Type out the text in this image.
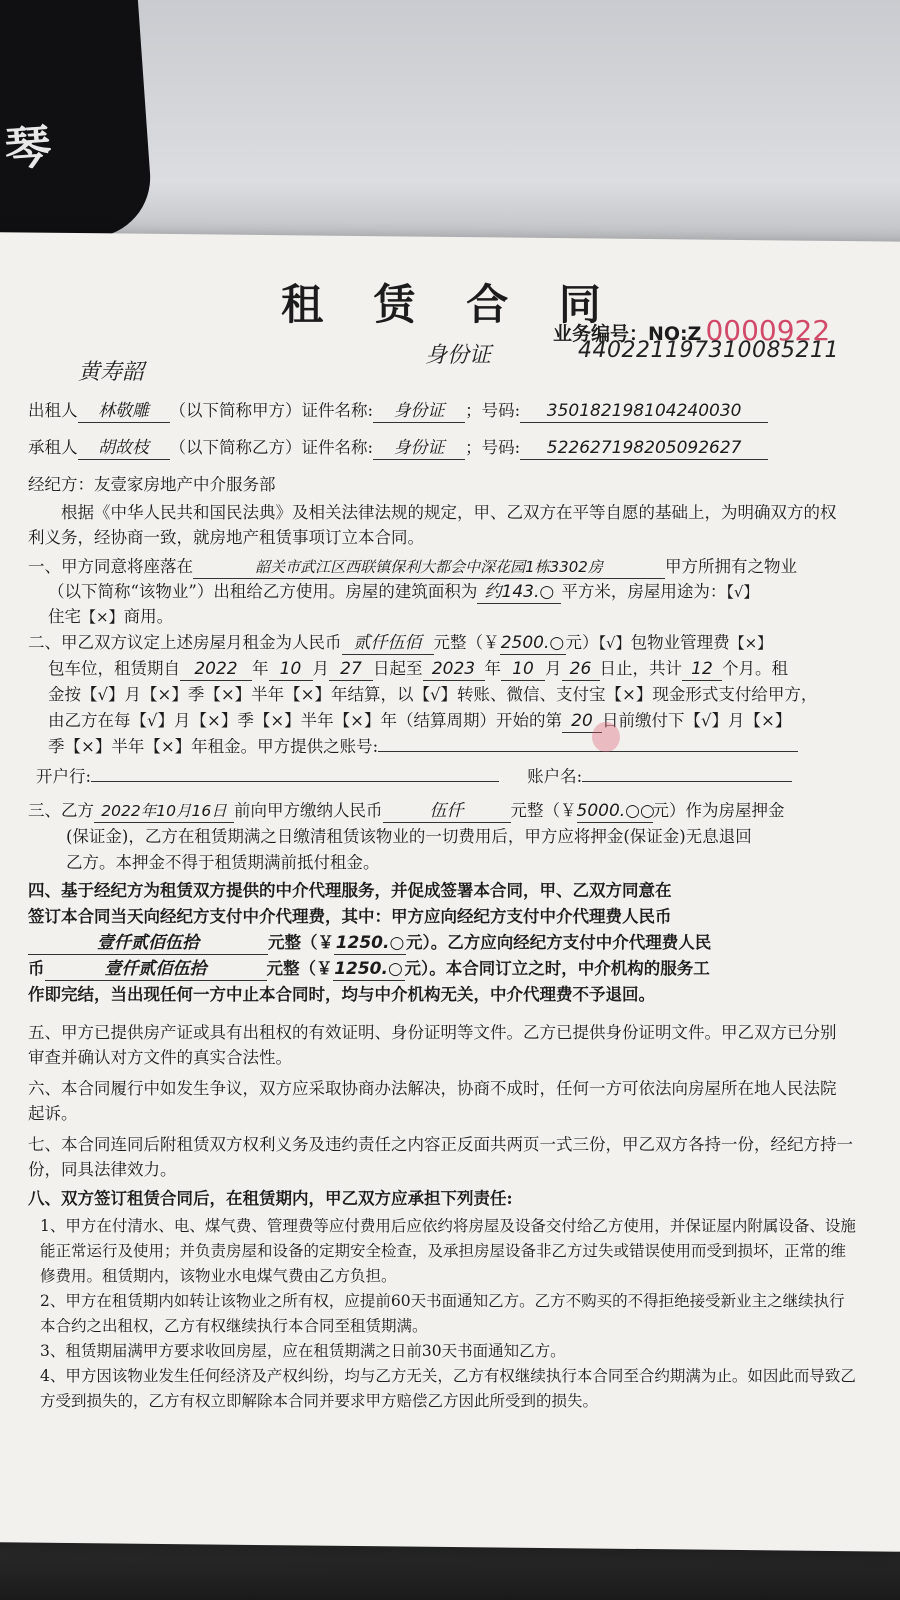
琴
租 赁 合 同
业务编号：NO:Z 0000922
黄寿韶
身份证	440221197310085211
出租人 林敬雕 （以下简称甲方）证件名称: 身份证 ；号码: 350182198104240030
承租人 胡故枝 （以下简称乙方）证件名称: 身份证 ；号码: 522627198205092627
经纪方：友壹家房地产中介服务部
根据《中华人民共和国民法典》及相关法律法规的规定，甲、乙双方在平等自愿的基础上，为明确双方的权利义务，经协商一致，就房地产租赁事项订立本合同。
一、甲方同意将座落在	韶关市武江区西联镇保利大都会中深花园1栋3302房	甲方所拥有之物业
（以下简称“该物业”）出租给乙方使用。房屋的建筑面积为 约143.○ 平方米，房屋用途为：【√】
住宅【×】商用。
二、甲乙双方议定上述房屋月租金为人民币 贰仟伍佰 元整（￥2500.○元）【√】包物业管理费【×】
包车位，租赁期自 2022 年 10 月 27 日起至 2023 年 10 月 26 日止，共计 12 个月。租
金按【√】月【×】季【×】半年【×】年结算，以【√】转账、微信、支付宝【×】现金形式支付给甲方，
由乙方在每【√】月【×】季【×】半年【×】年（结算周期）开始的第 20 日前缴付下【√】月【×】
季【×】半年【×】年租金。甲方提供之账号:
开户行:	账户名:
三、乙方 2022年10月16日 前向甲方缴纳人民币	伍仟	元整（￥5000.○○元）作为房屋押金
(保证金)，乙方在租赁期满之日缴清租赁该物业的一切费用后，甲方应将押金(保证金)无息退回
乙方。本押金不得于租赁期满前抵付租金。
四、基于经纪方为租赁双方提供的中介代理服务，并促成签署本合同，甲、乙双方同意在
签订本合同当天向经纪方支付中介代理费，其中：甲方应向经纪方支付中介代理费人民币
壹仟贰佰伍拾	元整（￥1250.○ 元）。乙方应向经纪方支付中介代理费人民
币	壹仟贰佰伍拾	元整（￥1250.○ 元）。本合同订立之时，中介机构的服务工
作即完结，当出现任何一方中止本合同时，均与中介机构无关，中介代理费不予退回。
五、甲方已提供房产证或具有出租权的有效证明、身份证明等文件。乙方已提供身份证明文件。甲乙双方已分别审查并确认对方文件的真实合法性。
六、本合同履行中如发生争议，双方应采取协商办法解决，协商不成时，任何一方可依法向房屋所在地人民法院起诉。
七、本合同连同后附租赁双方权利义务及违约责任之内容正反面共两页一式三份，甲乙双方各持一份，经纪方持一份，同具法律效力。
八、双方签订租赁合同后，在租赁期内，甲乙双方应承担下列责任:
1、甲方在付清水、电、煤气费、管理费等应付费用后应依约将房屋及设备交付给乙方使用，并保证屋内附属设备、设施能正常运行及使用；并负责房屋和设备的定期安全检查，及承担房屋设备非乙方过失或错误使用而受到损坏，正常的维修费用。租赁期内，该物业水电煤气费由乙方负担。
2、甲方在租赁期内如转让该物业之所有权，应提前60天书面通知乙方。乙方不购买的不得拒绝接受新业主之继续执行本合约之出租权，乙方有权继续执行本合同至租赁期满。
3、租赁期届满甲方要求收回房屋，应在租赁期满之日前30天书面通知乙方。
4、甲方因该物业发生任何经济及产权纠纷，均与乙方无关，乙方有权继续执行本合同至合约期满为止。如因此而导致乙方受到损失的，乙方有权立即解除本合同并要求甲方赔偿乙方因此所受到的损失。
